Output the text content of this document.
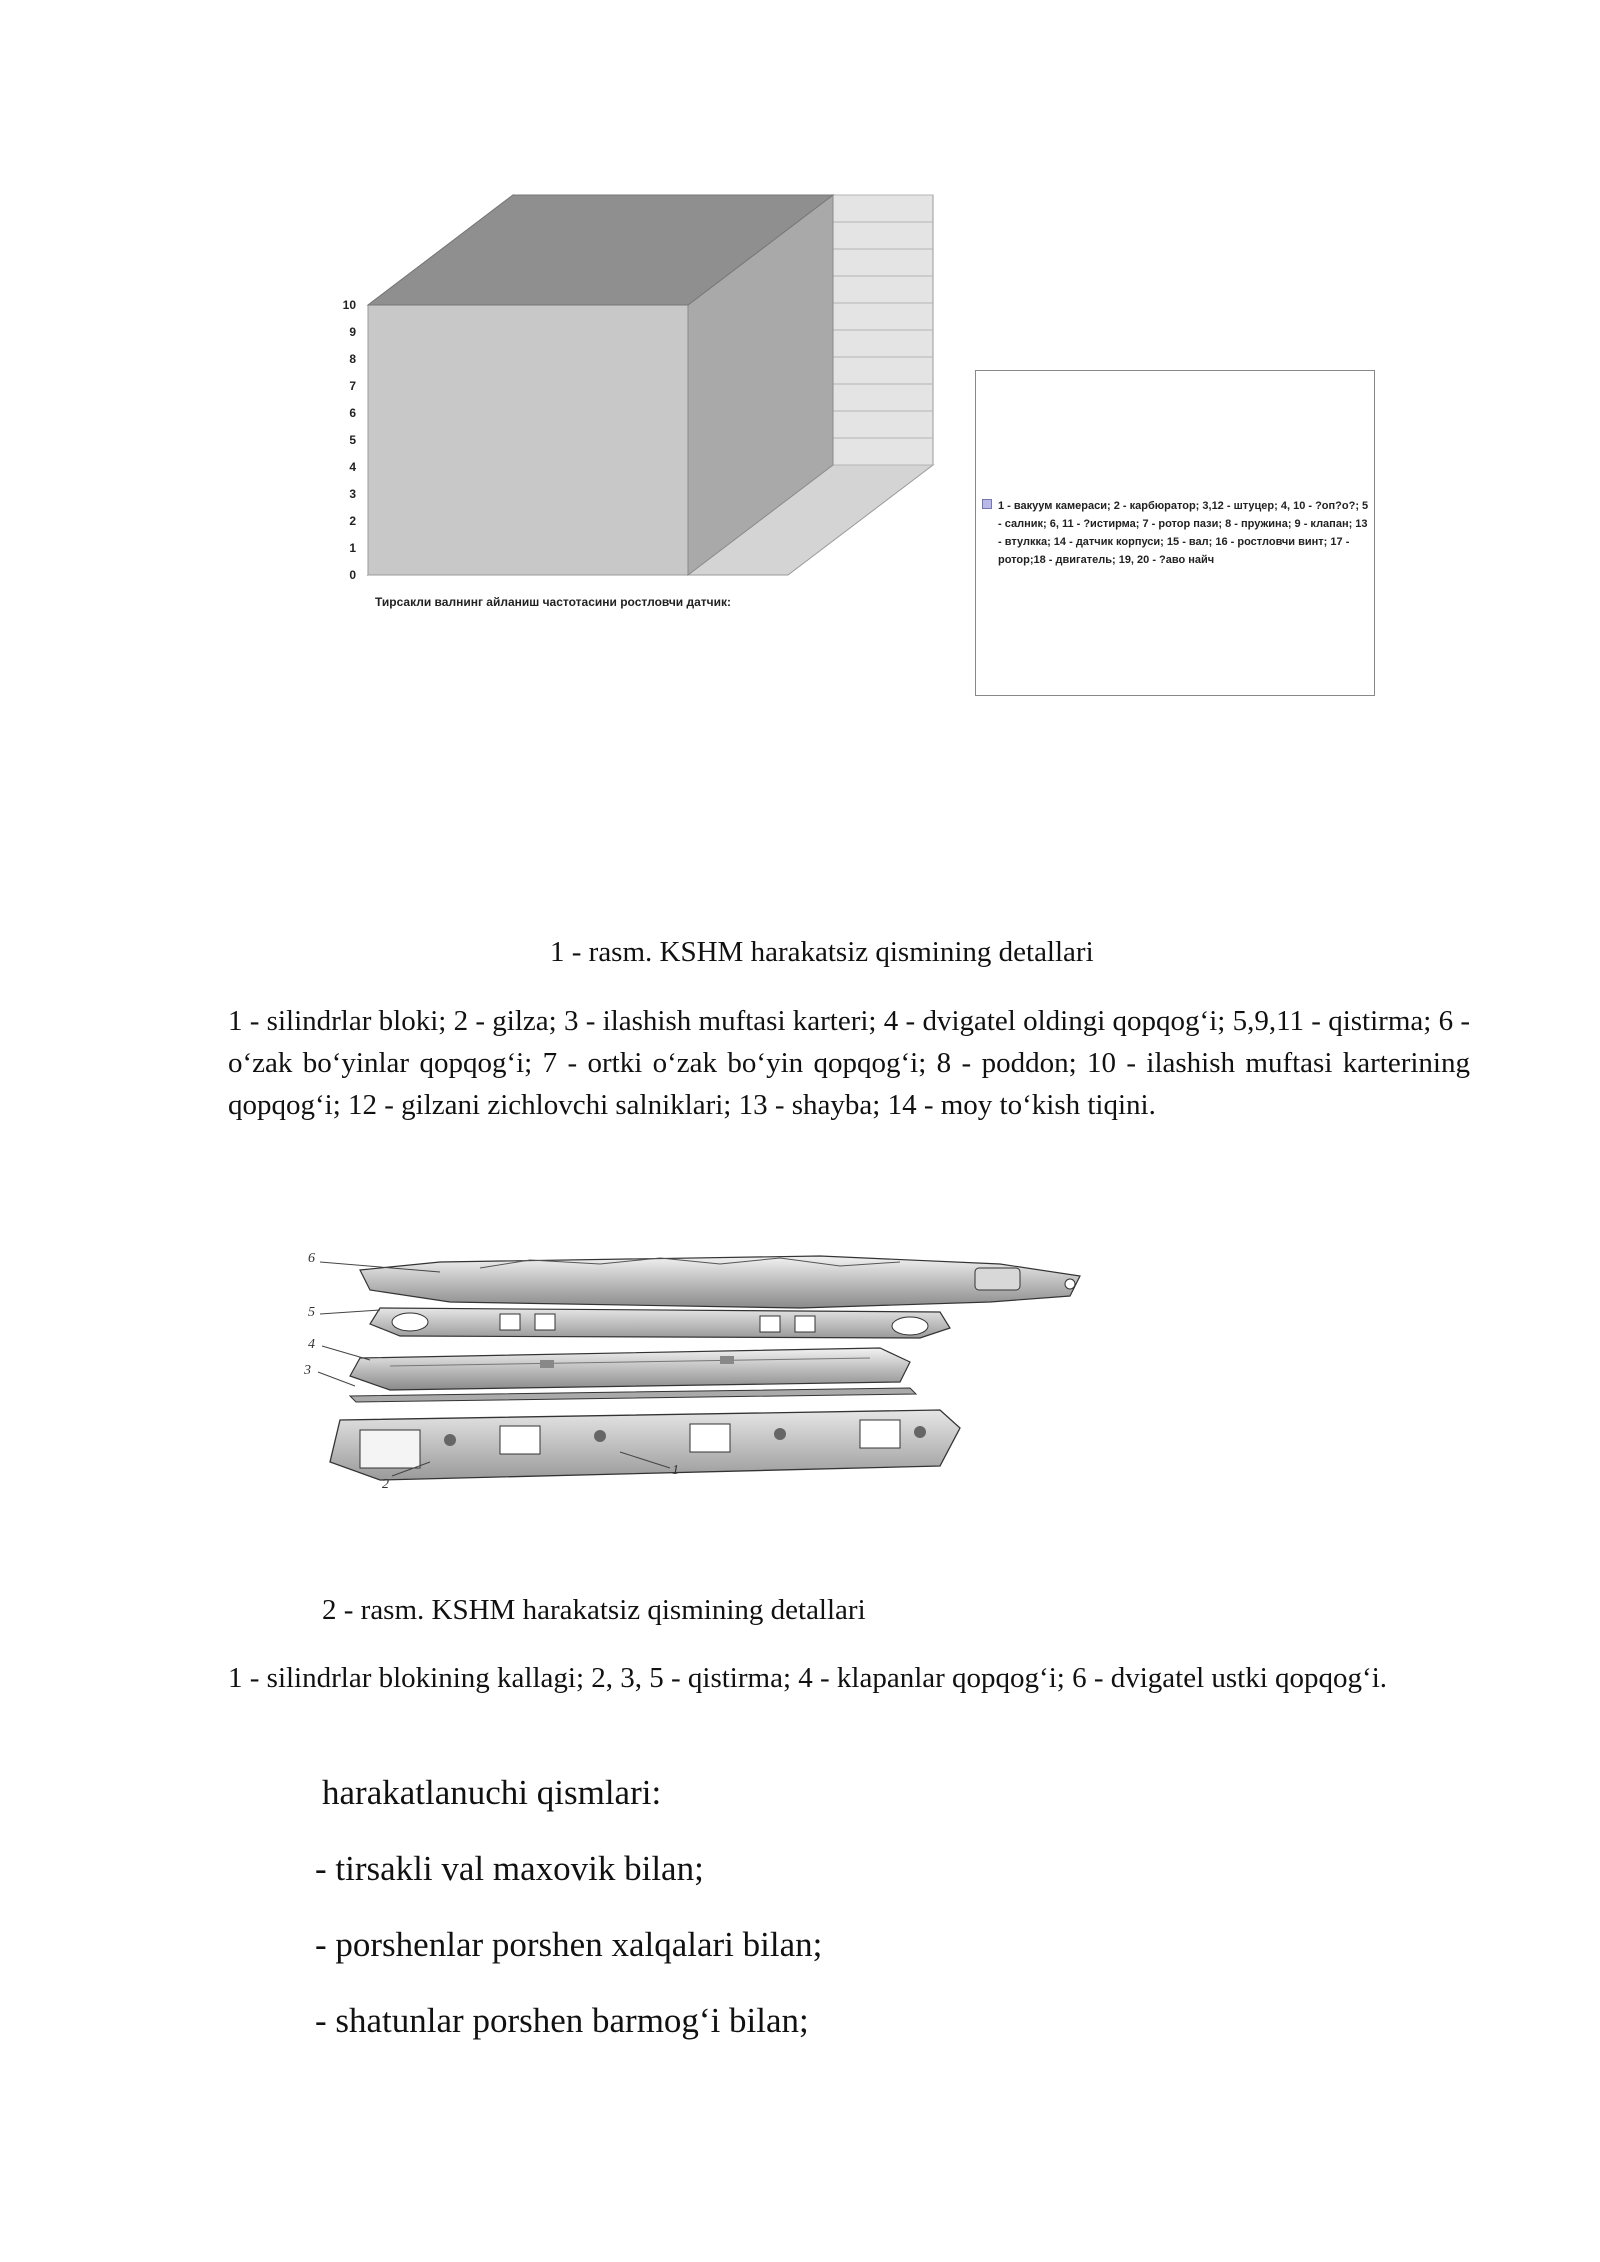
0
1
2
3
4
5
6
7
8
9
10
Тирсакли валнинг айланиш частотасини ростловчи датчик:
1 - вакуум камераси; 2 - карбюратор; 3,12 - штуцер; 4, 10 - ?оп?о?; 5 - салник; 6, 11 - ?истирма; 7 - ротор пази; 8 - пружина; 9 - клапан; 13 - втулкка; 14 - датчик корпуси; 15 - вал; 16 - ростловчи винт; 17 - ротор;18 - двигатель; 19, 20 - ?аво найч
1 - rasm. KSHM harakatsiz qismining detallari
1 - silindrlar bloki; 2 - gilza; 3 - ilashish muftasi karteri; 4 - dvigatel oldingi qopqog‘i; 5,9,11 - qistirma; 6 - o‘zak bo‘yinlar qopqog‘i; 7 - ortki o‘zak bo‘yin qopqog‘i; 8 - poddon; 10 - ilashish muftasi karterining qopqog‘i; 12 - gilzani zichlovchi salniklari; 13 - shayba; 14 - moy to‘kish tiqini.
6
5
4
3
2
1
2 - rasm. KSHM harakatsiz qismining detallari
1 - silindrlar blokining kallagi; 2, 3, 5 - qistirma; 4 - klapanlar qopqog‘i; 6 - dvigatel ustki qopqog‘i.
harakatlanuchi qismlari:
- tirsakli val maxovik bilan;
- porshenlar porshen xalqalari bilan;
- shatunlar porshen barmog‘i bilan;
